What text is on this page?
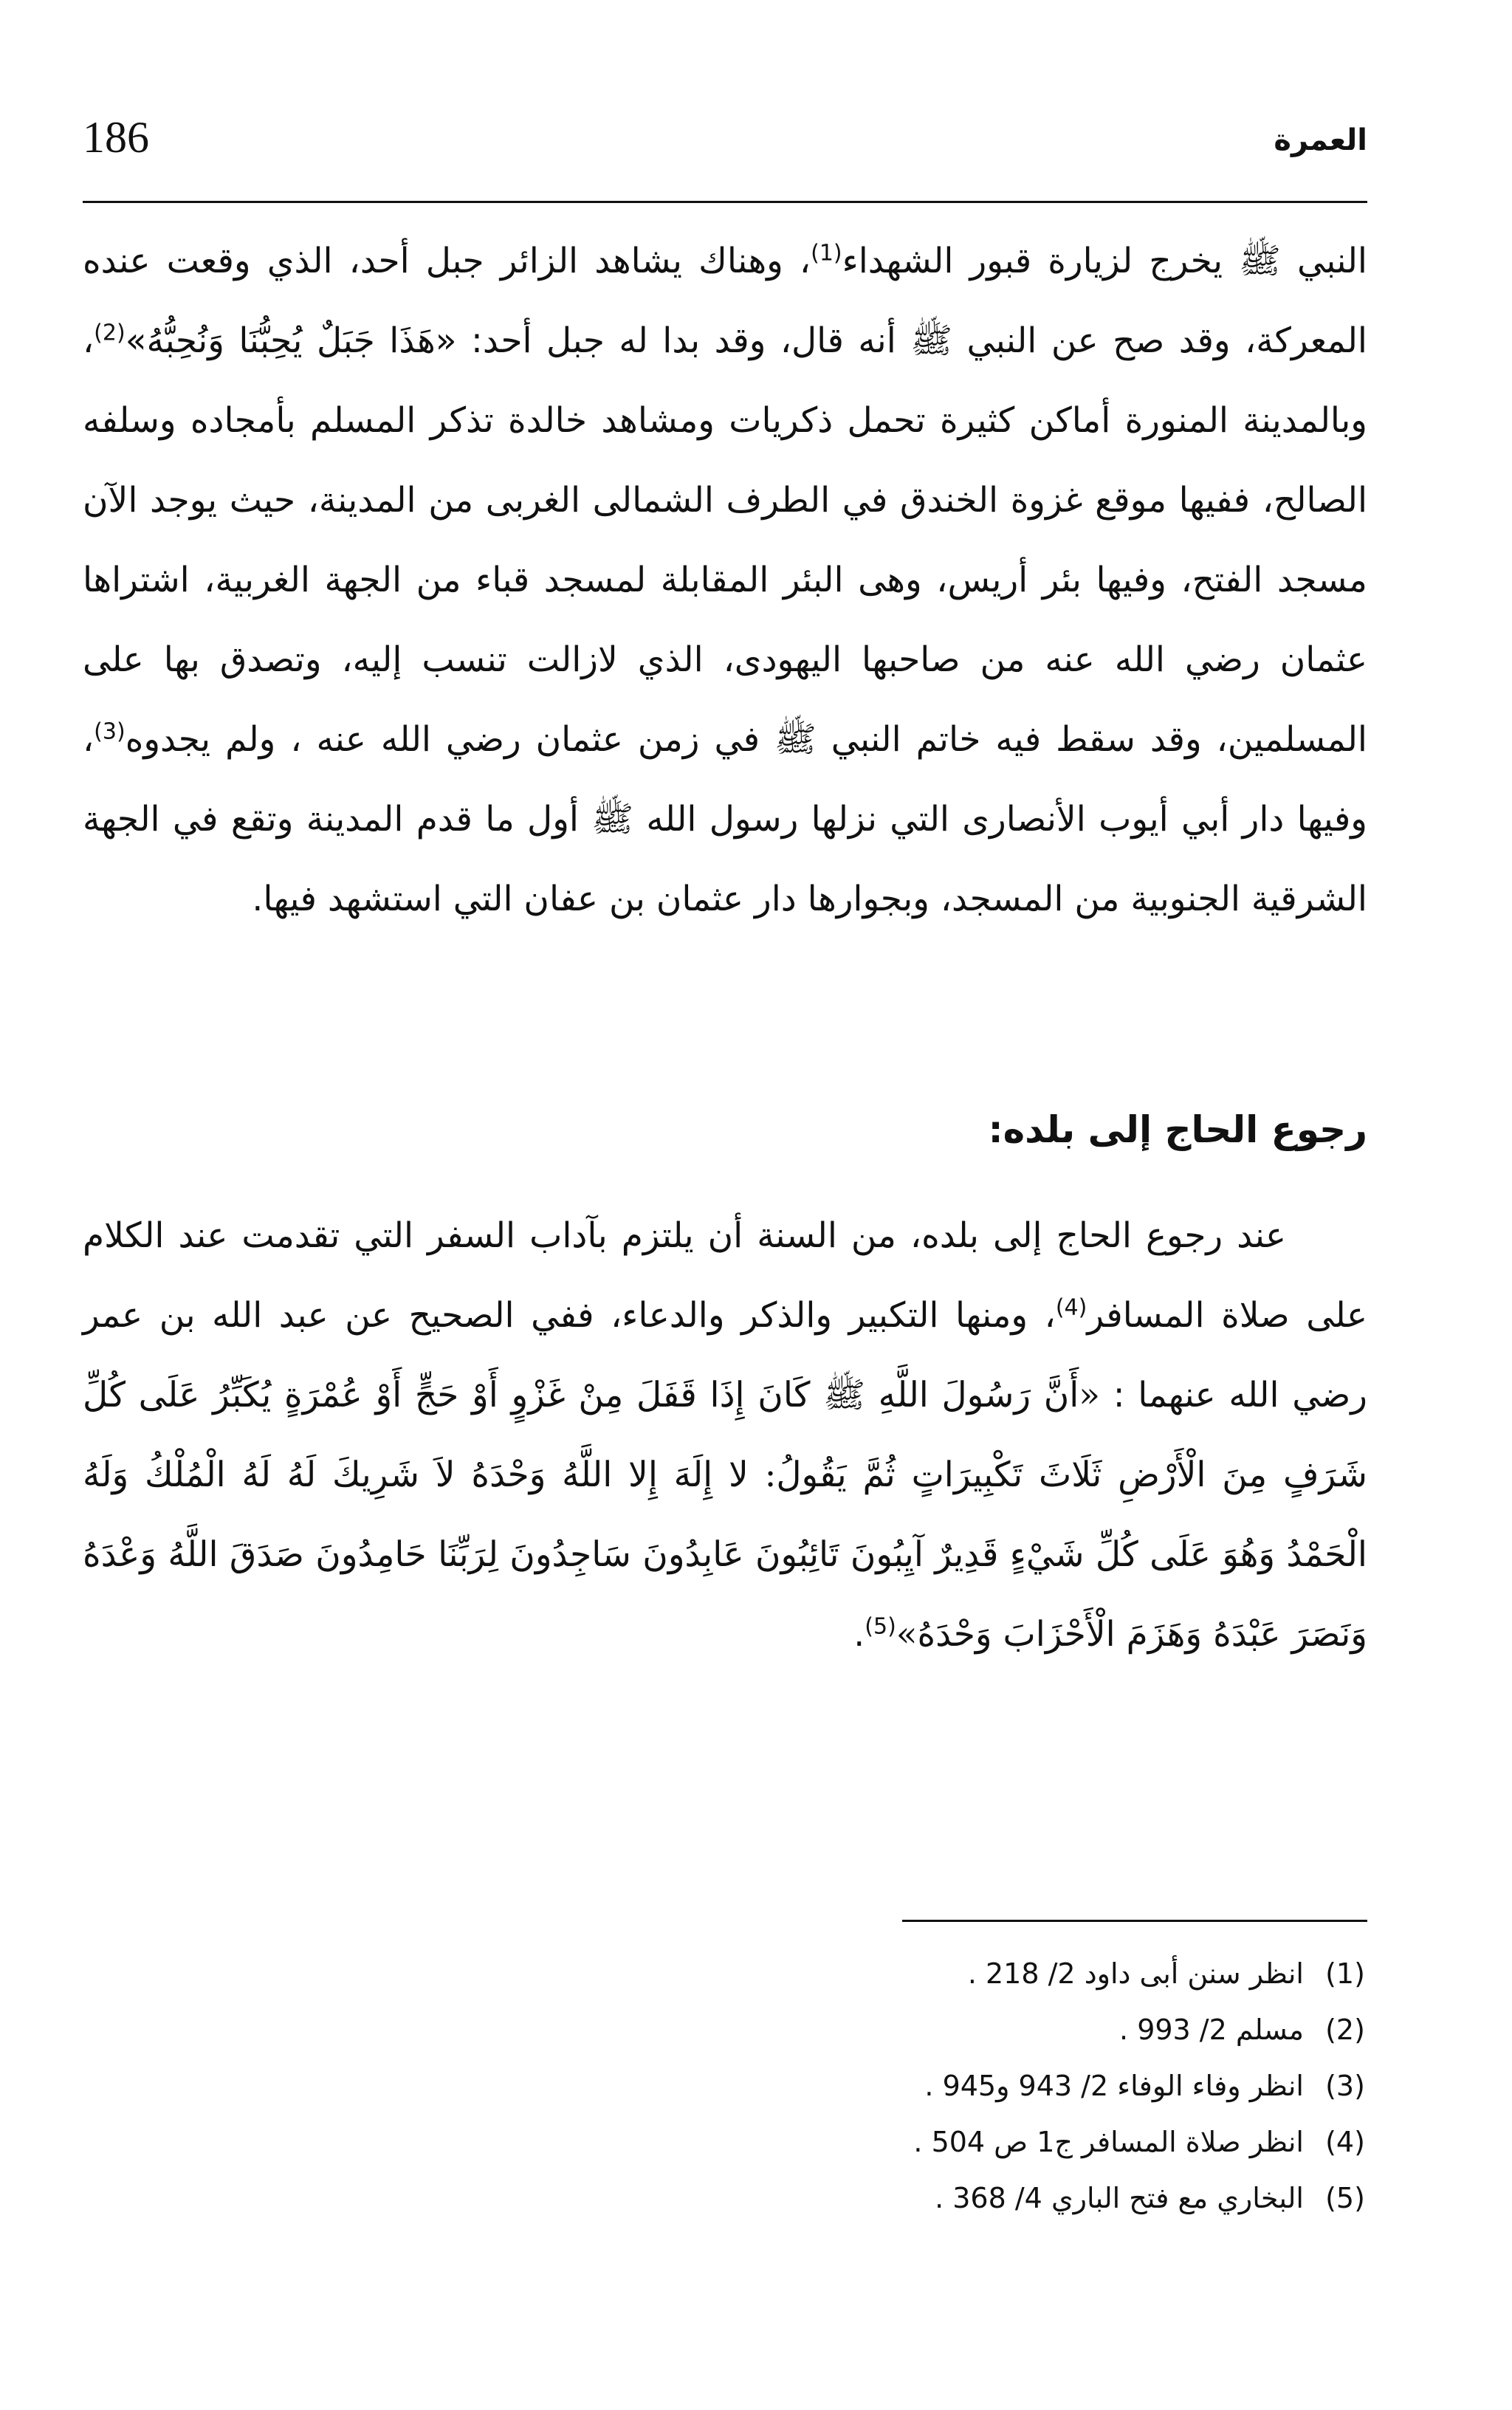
186	العمرة

النبي ﷺ يخرج لزيارة قبور الشهداء$^{(1)}$، وهناك يشاهد الزائر جبل أحد، الذي وقعت عنده المعركة، وقد صح عن النبي ﷺ أنه قال، وقد بدا له جبل أحد: «هَذَا جَبَلٌ يُحِبُّنَا وَنُحِبُّهُ»$^{(2)}$، وبالمدينة المنورة أماكن كثيرة تحمل ذكريات ومشاهد خالدة تذكر المسلم بأمجاده وسلفه الصالح، ففيها موقع غزوة الخندق في الطرف الشمالى الغربى من المدينة، حيث يوجد الآن مسجد الفتح، وفيها بئر أريس، وهى البئر المقابلة لمسجد قباء من الجهة الغربية، اشتراها عثمان رضي الله عنه من صاحبها اليهودى، الذي لازالت تنسب إليه، وتصدق بها على المسلمين، وقد سقط فيه خاتم النبي ﷺ في زمن عثمان رضي الله عنه ، ولم يجدوه$^{(3)}$، وفيها دار أبي أيوب الأنصارى التي نزلها رسول الله ﷺ أول ما قدم المدينة وتقع في الجهة الشرقية الجنوبية من المسجد، وبجوارها دار عثمان بن عفان التي استشهد فيها.

رجوع الحاج إلى بلده:

عند رجوع الحاج إلى بلده، من السنة أن يلتزم بآداب السفر التي تقدمت عند الكلام على صلاة المسافر$^{(4)}$، ومنها التكبير والذكر والدعاء، ففي الصحيح عن عبد الله بن عمر رضي الله عنهما : «أَنَّ رَسُولَ اللَّهِ ﷺ كَانَ إِذَا قَفَلَ مِنْ غَزْوٍ أَوْ حَجٍّ أَوْ عُمْرَةٍ يُكَبِّرُ عَلَى كُلِّ شَرَفٍ مِنَ الْأَرْضِ ثَلَاثَ تَكْبِيرَاتٍ ثُمَّ يَقُولُ: لا إِلَهَ إِلا اللَّهُ وَحْدَهُ لاَ شَرِيكَ لَهُ لَهُ الْمُلْكُ وَلَهُ الْحَمْدُ وَهُوَ عَلَى كُلِّ شَيْءٍ قَدِيرٌ آيِبُونَ تَائِبُونَ عَابِدُونَ سَاجِدُونَ لِرَبِّنَا حَامِدُونَ صَدَقَ اللَّهُ وَعْدَهُ وَنَصَرَ عَبْدَهُ وَهَزَمَ الْأَحْزَابَ وَحْدَهُ»$^{(5)}$.

(1)
انظر سنن أبى داود 2/ 218 .
(2)
مسلم 2/ 993 .
(3)
انظر وفاء الوفاء 2/ 943 و945 .
(4)
انظر صلاة المسافر ج1 ص 504 .
(5)
البخاري مع فتح الباري 4/ 368 .
